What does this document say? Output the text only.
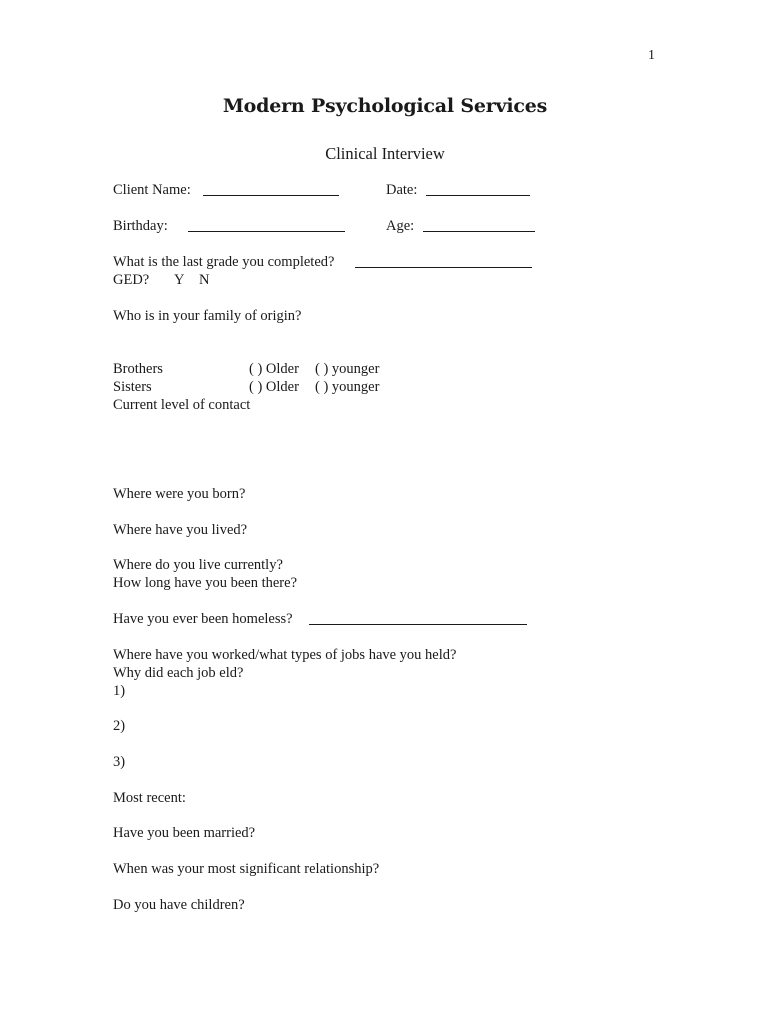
1
Modern Psychological Services
Clinical Interview
Client Name:	Date:
Birthday:	Age:
What is the last grade you completed?
GED? Y N
Who is in your family of origin?
Brothers	( ) Older ( ) younger
Sisters	( ) Older ( ) younger
Current level of contact
Where were you born?
Where have you lived?
Where do you live currently?
How long have you been there?
Have you ever been homeless?
Where have you worked/what types of jobs have you held?
Why did each job eld?
1)
2)
3)
Most recent:
Have you been married?
When was your most significant relationship?
Do you have children?
